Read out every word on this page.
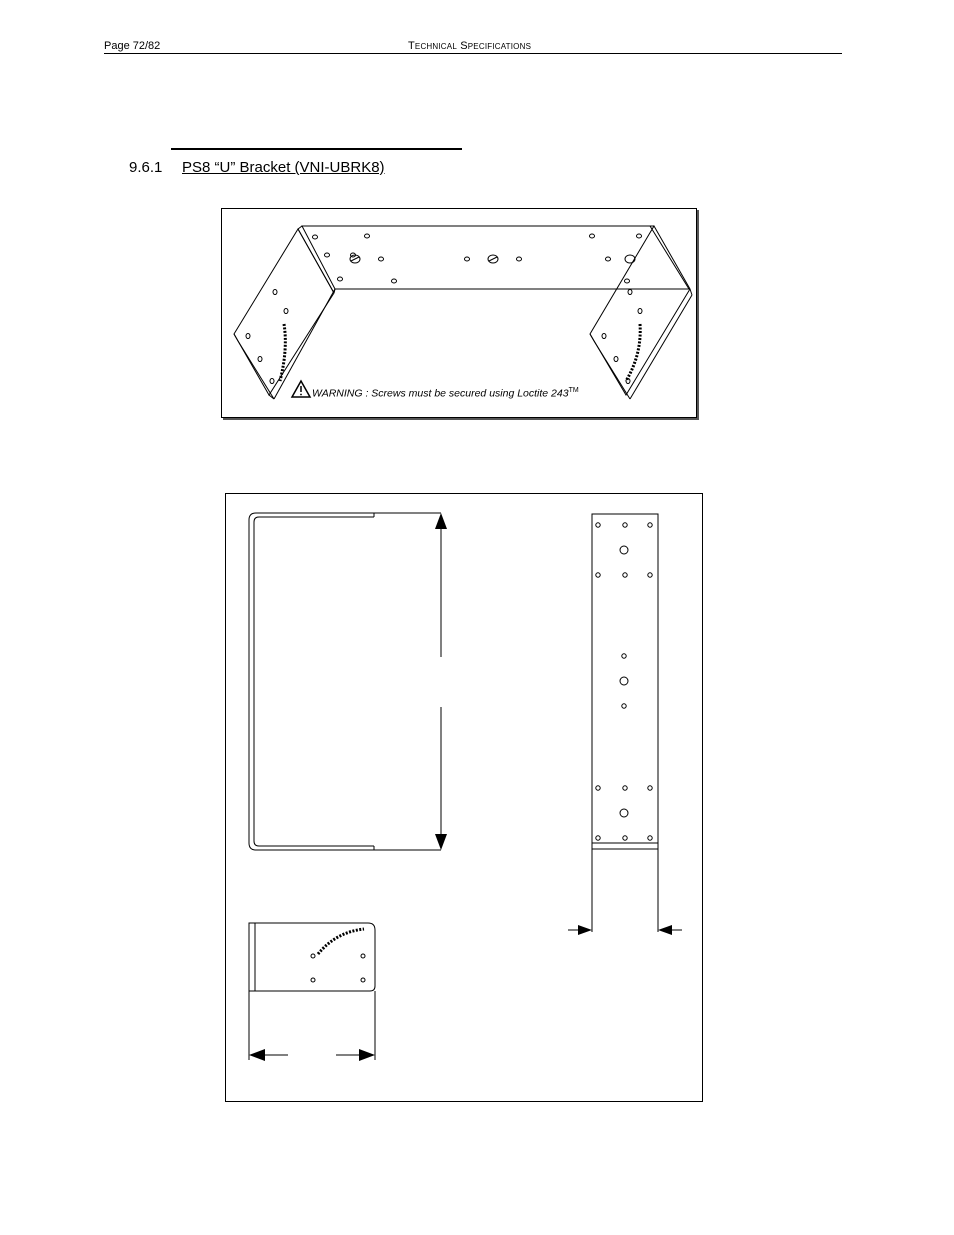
Page 72/82	Technical Specifications
9.6.1 PS8 “U” Bracket (VNI-UBRK8)
WARNING : Screws must be secured using Loctite 243™
